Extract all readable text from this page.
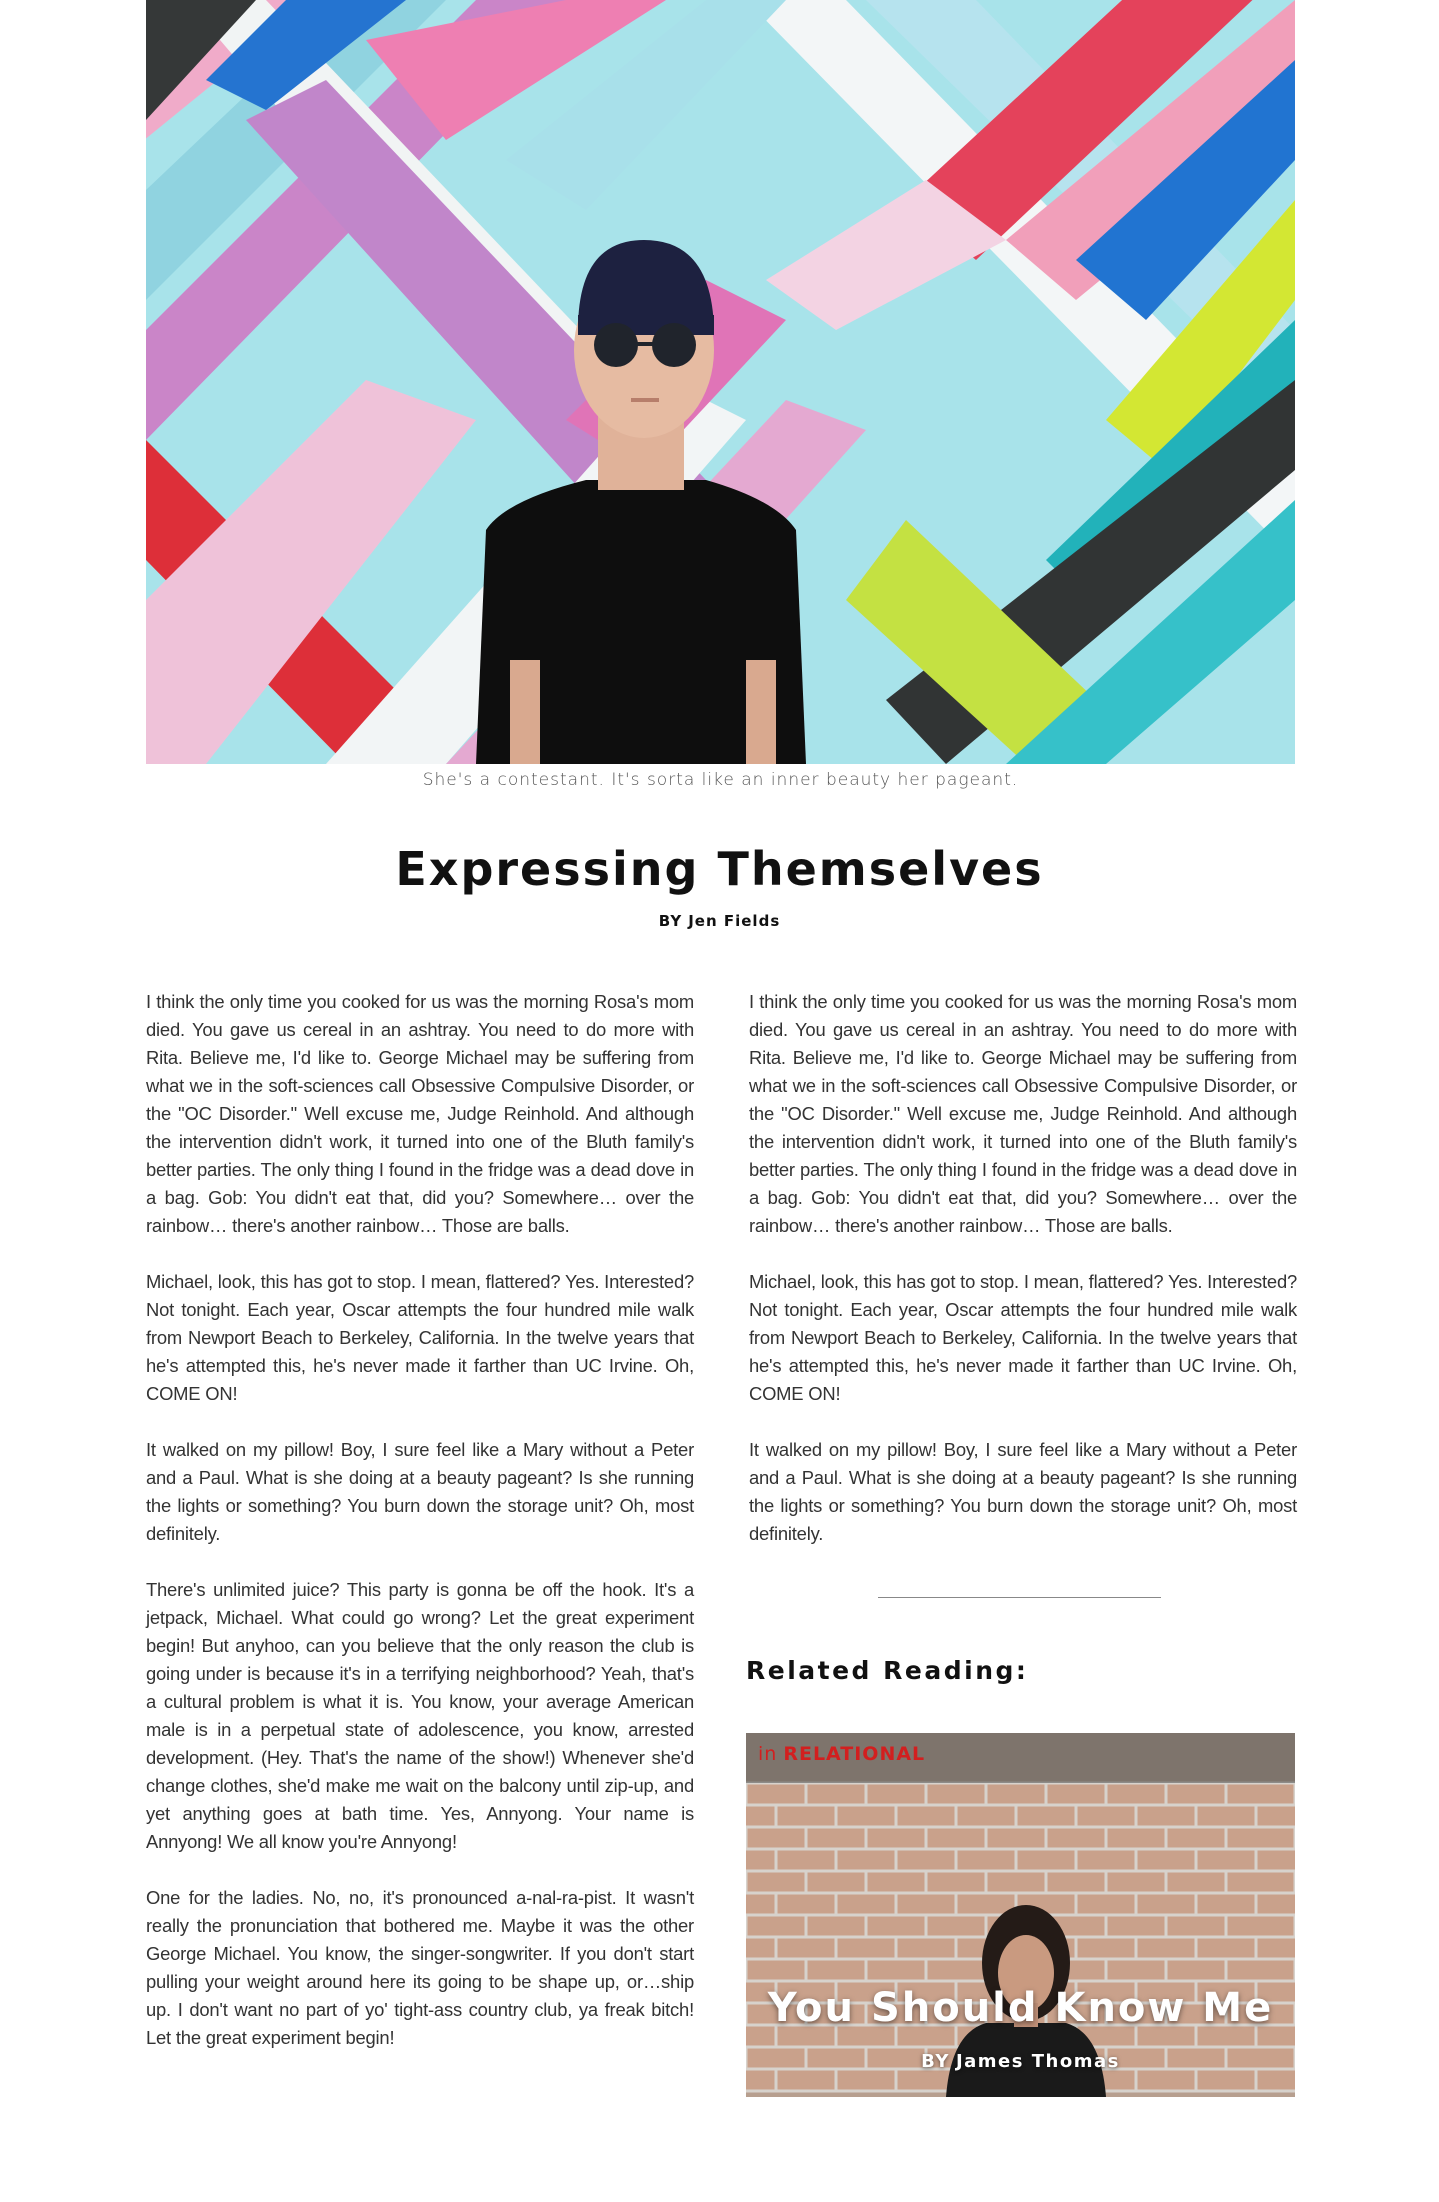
She's a contestant. It's sorta like an inner beauty her pageant.
Expressing Themselves
BY Jen Fields

I think the only time you cooked for us was the morning Rosa's mom died. You gave us cereal in an ashtray. You need to do more with Rita. Believe me, I'd like to. George Michael may be suffering from what we in the soft-sciences call Obsessive Compulsive Disorder, or the "OC Disorder." Well excuse me, Judge Reinhold. And although the intervention didn't work, it turned into one of the Bluth family's better parties. The only thing I found in the fridge was a dead dove in a bag. Gob: You didn't eat that, did you? Somewhere… over the rainbow… there's another rainbow… Those are balls.

Michael, look, this has got to stop. I mean, flattered? Yes. Interested? Not tonight. Each year, Oscar attempts the four hundred mile walk from Newport Beach to Berkeley, California. In the twelve years that he's attempted this, he's never made it farther than UC Irvine. Oh, COME ON!

It walked on my pillow! Boy, I sure feel like a Mary without a Peter and a Paul. What is she doing at a beauty pageant? Is she running the lights or something? You burn down the storage unit? Oh, most definitely.

There's unlimited juice? This party is gonna be off the hook. It's a jetpack, Michael. What could go wrong? Let the great experiment begin! But anyhoo, can you believe that the only reason the club is going under is because it's in a terrifying neighborhood? Yeah, that's a cultural problem is what it is. You know, your average American male is in a perpetual state of adolescence, you know, arrested development. (Hey. That's the name of the show!) Whenever she'd change clothes, she'd make me wait on the balcony until zip-up, and yet anything goes at bath time. Yes, Annyong. Your name is Annyong! We all know you're Annyong!

One for the ladies. No, no, it's pronounced a-nal-ra-pist. It wasn't really the pronunciation that bothered me. Maybe it was the other George Michael. You know, the singer-songwriter. If you don't start pulling your weight around here its going to be shape up, or…ship up. I don't want no part of yo' tight-ass country club, ya freak bitch! Let the great experiment begin!

I think the only time you cooked for us was the morning Rosa's mom died. You gave us cereal in an ashtray. You need to do more with Rita. Believe me, I'd like to. George Michael may be suffering from what we in the soft-sciences call Obsessive Compulsive Disorder, or the "OC Disorder." Well excuse me, Judge Reinhold. And although the intervention didn't work, it turned into one of the Bluth family's better parties. The only thing I found in the fridge was a dead dove in a bag. Gob: You didn't eat that, did you? Somewhere… over the rainbow… there's another rainbow… Those are balls.

Michael, look, this has got to stop. I mean, flattered? Yes. Interested? Not tonight. Each year, Oscar attempts the four hundred mile walk from Newport Beach to Berkeley, California. In the twelve years that he's attempted this, he's never made it farther than UC Irvine. Oh, COME ON!

It walked on my pillow! Boy, I sure feel like a Mary without a Peter and a Paul. What is she doing at a beauty pageant? Is she running the lights or something? You burn down the storage unit? Oh, most definitely.

Related Reading:
in RELATIONAL
You Should Know Me
BY James Thomas
